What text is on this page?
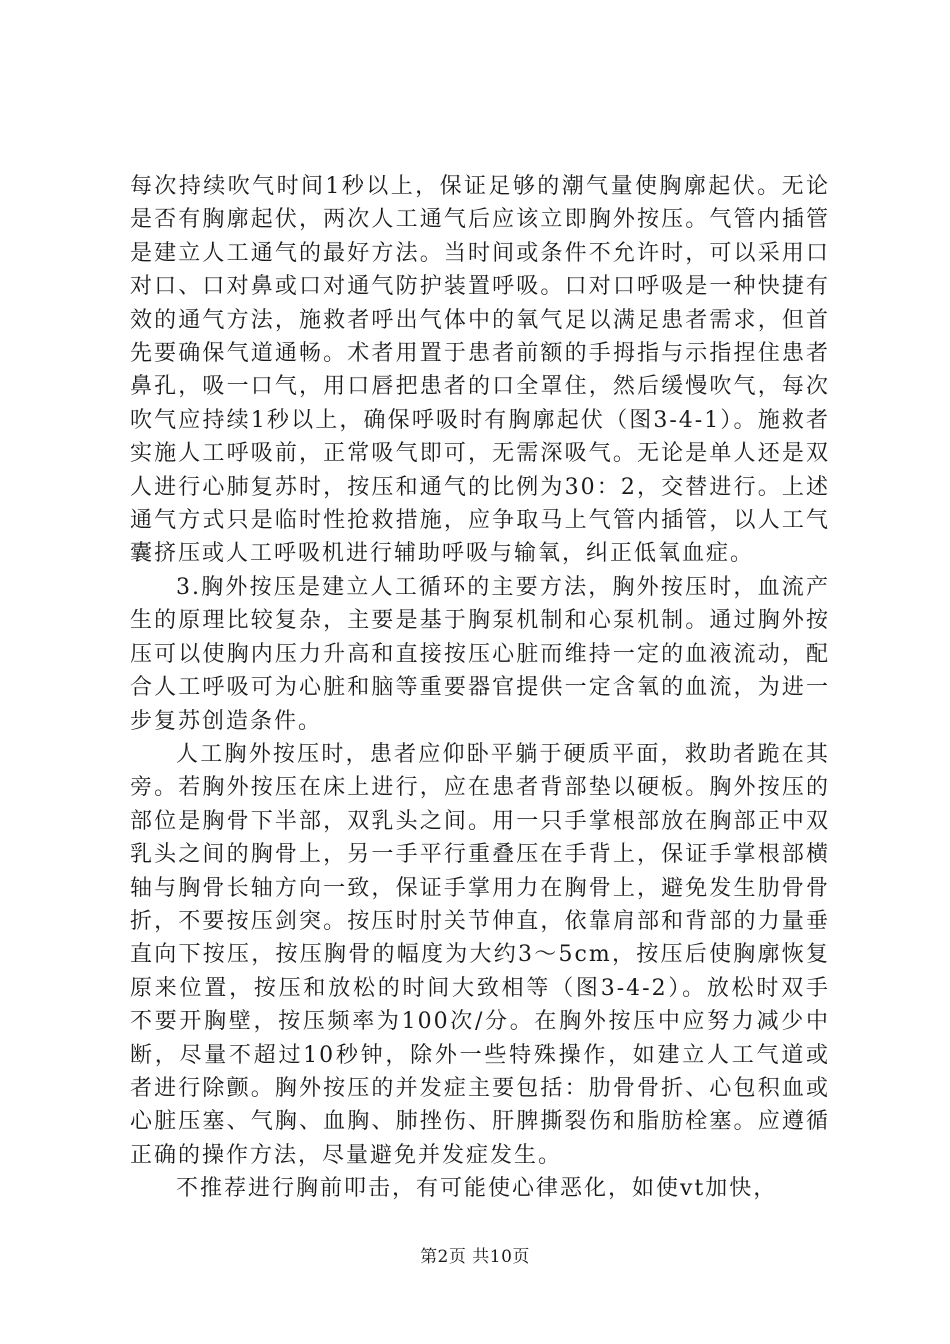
每次持续吹气时间1秒以上，保证足够的潮气量使胸廓起伏。无论是否有胸廓起伏，两次人工通气后应该立即胸外按压。气管内插管是建立人工通气的最好方法。当时间或条件不允许时，可以采用口对口、口对鼻或口对通气防护装置呼吸。口对口呼吸是一种快捷有效的通气方法，施救者呼出气体中的氧气足以满足患者需求，但首先要确保气道通畅。术者用置于患者前额的手拇指与示指捏住患者鼻孔，吸一口气，用口唇把患者的口全罩住，然后缓慢吹气，每次吹气应持续1秒以上，确保呼吸时有胸廓起伏（图3-4-1）。施救者实施人工呼吸前，正常吸气即可，无需深吸气。无论是单人还是双人进行心肺复苏时，按压和通气的比例为30：2，交替进行。上述通气方式只是临时性抢救措施，应争取马上气管内插管，以人工气囊挤压或人工呼吸机进行辅助呼吸与输氧，纠正低氧血症。

3.胸外按压是建立人工循环的主要方法，胸外按压时，血流产生的原理比较复杂，主要是基于胸泵机制和心泵机制。通过胸外按压可以使胸内压力升高和直接按压心脏而维持一定的血液流动，配合人工呼吸可为心脏和脑等重要器官提供一定含氧的血流，为进一步复苏创造条件。

人工胸外按压时，患者应仰卧平躺于硬质平面，救助者跪在其旁。若胸外按压在床上进行，应在患者背部垫以硬板。胸外按压的部位是胸骨下半部，双乳头之间。用一只手掌根部放在胸部正中双乳头之间的胸骨上，另一手平行重叠压在手背上，保证手掌根部横轴与胸骨长轴方向一致，保证手掌用力在胸骨上，避免发生肋骨骨折，不要按压剑突。按压时肘关节伸直，依靠肩部和背部的力量垂直向下按压，按压胸骨的幅度为大约3～5cm，按压后使胸廓恢复原来位置，按压和放松的时间大致相等（图3-4-2）。放松时双手不要开胸壁，按压频率为100次/分。在胸外按压中应努力减少中断，尽量不超过10秒钟，除外一些特殊操作，如建立人工气道或者进行除颤。胸外按压的并发症主要包括：肋骨骨折、心包积血或心脏压塞、气胸、血胸、肺挫伤、肝脾撕裂伤和脂肪栓塞。应遵循正确的操作方法，尽量避免并发症发生。

不推荐进行胸前叩击，有可能使心律恶化，如使vt加快，

第2页 共10页
